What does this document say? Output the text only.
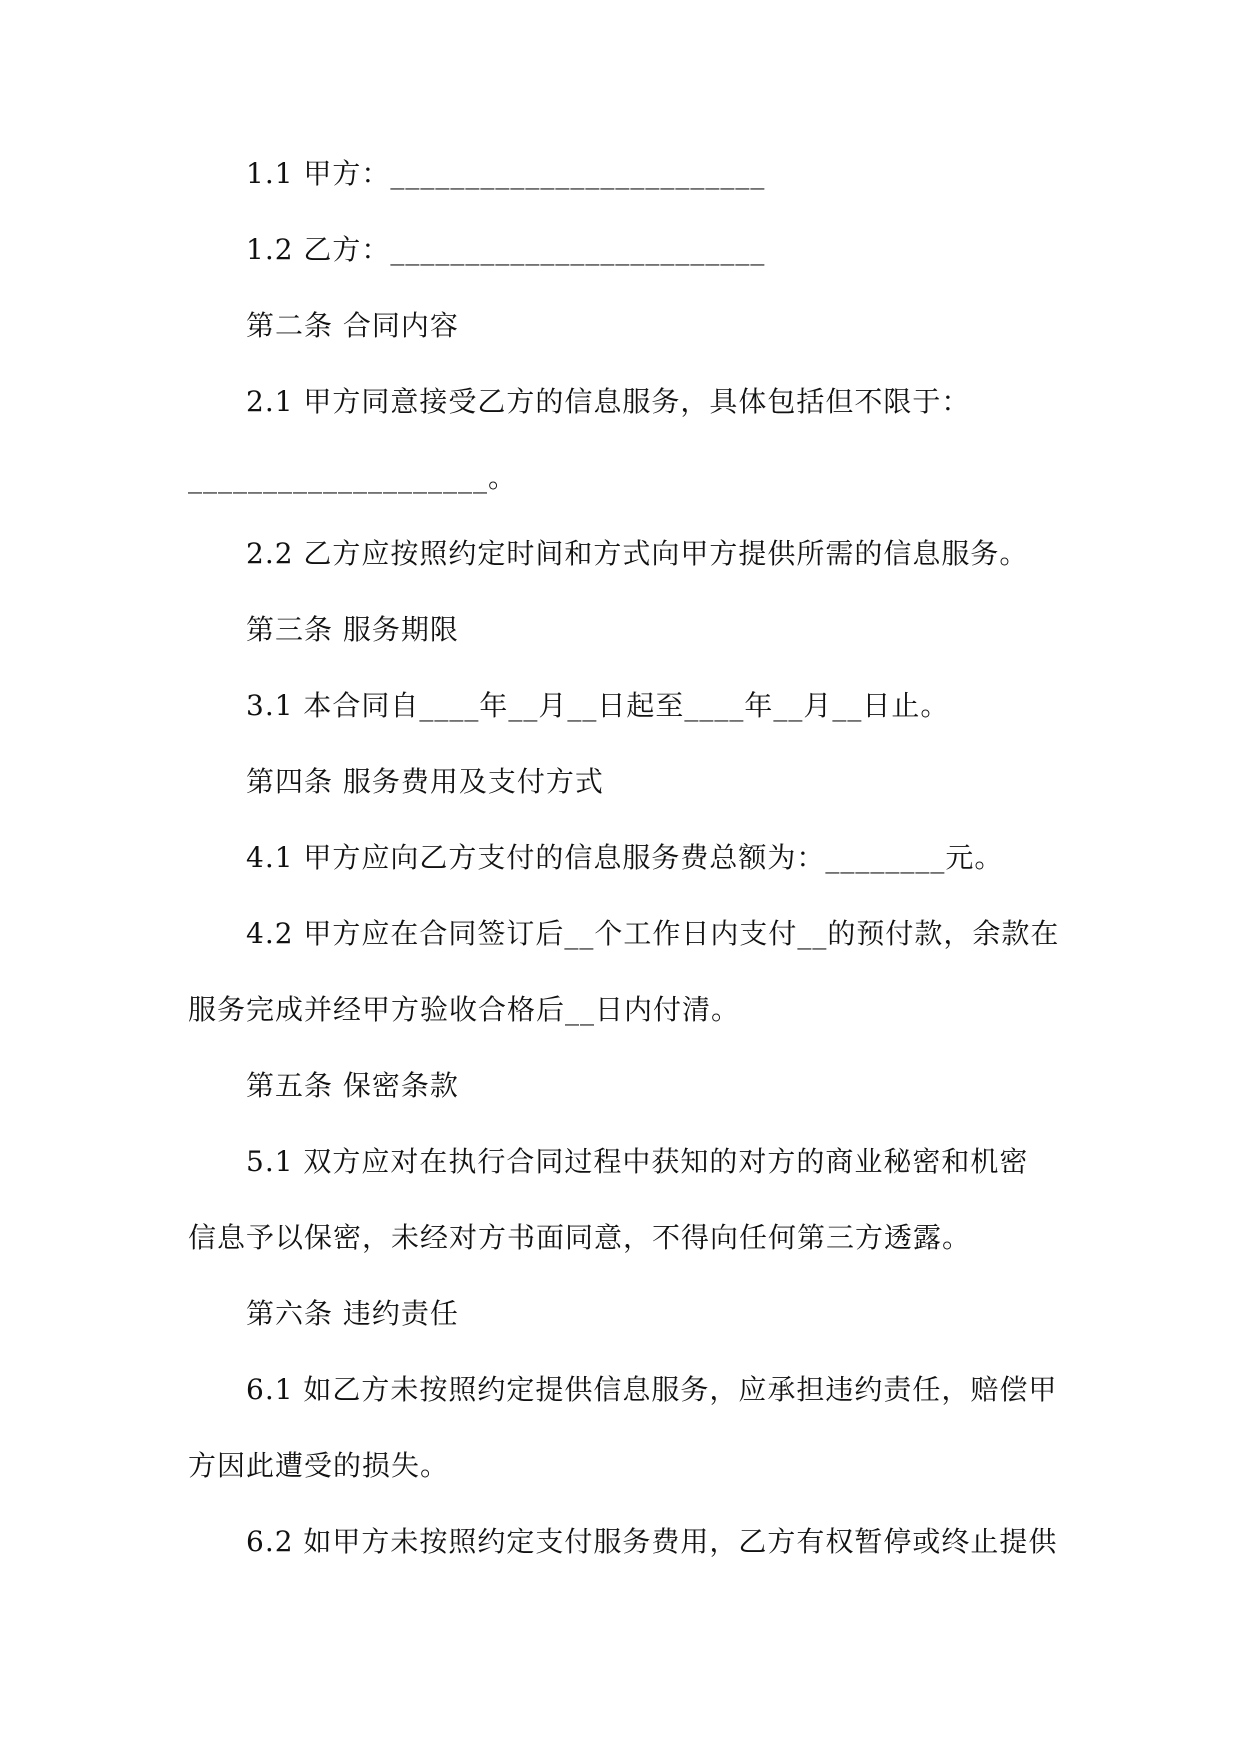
1.1 甲方：_________________________
1.2 乙方：_________________________
第二条 合同内容
2.1 甲方同意接受乙方的信息服务，具体包括但不限于：
____________________。
2.2 乙方应按照约定时间和方式向甲方提供所需的信息服务。
第三条 服务期限
3.1 本合同自____年__月__日起至____年__月__日止。
第四条 服务费用及支付方式
4.1 甲方应向乙方支付的信息服务费总额为：________元。
4.2 甲方应在合同签订后__个工作日内支付__的预付款，余款在
服务完成并经甲方验收合格后__日内付清。
第五条 保密条款
5.1 双方应对在执行合同过程中获知的对方的商业秘密和机密
信息予以保密，未经对方书面同意，不得向任何第三方透露。
第六条 违约责任
6.1 如乙方未按照约定提供信息服务，应承担违约责任，赔偿甲
方因此遭受的损失。
6.2 如甲方未按照约定支付服务费用，乙方有权暂停或终止提供
